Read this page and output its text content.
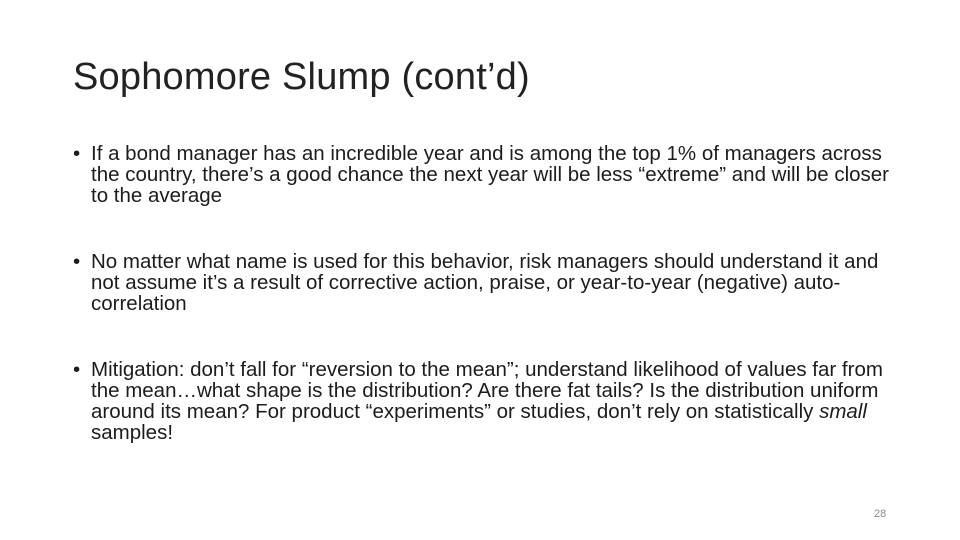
Sophomore Slump (cont’d)
• If a bond manager has an incredible year and is among the top 1% of managers across the country, there’s a good chance the next year will be less “extreme” and will be closer to the average
• No matter what name is used for this behavior, risk managers should understand it and not assume it’s a result of corrective action, praise, or year-to-year (negative) auto-correlation
• Mitigation: don’t fall for “reversion to the mean”; understand likelihood of values far from the mean…what shape is the distribution? Are there fat tails? Is the distribution uniform around its mean? For product “experiments” or studies, don’t rely on statistically small samples!
28
